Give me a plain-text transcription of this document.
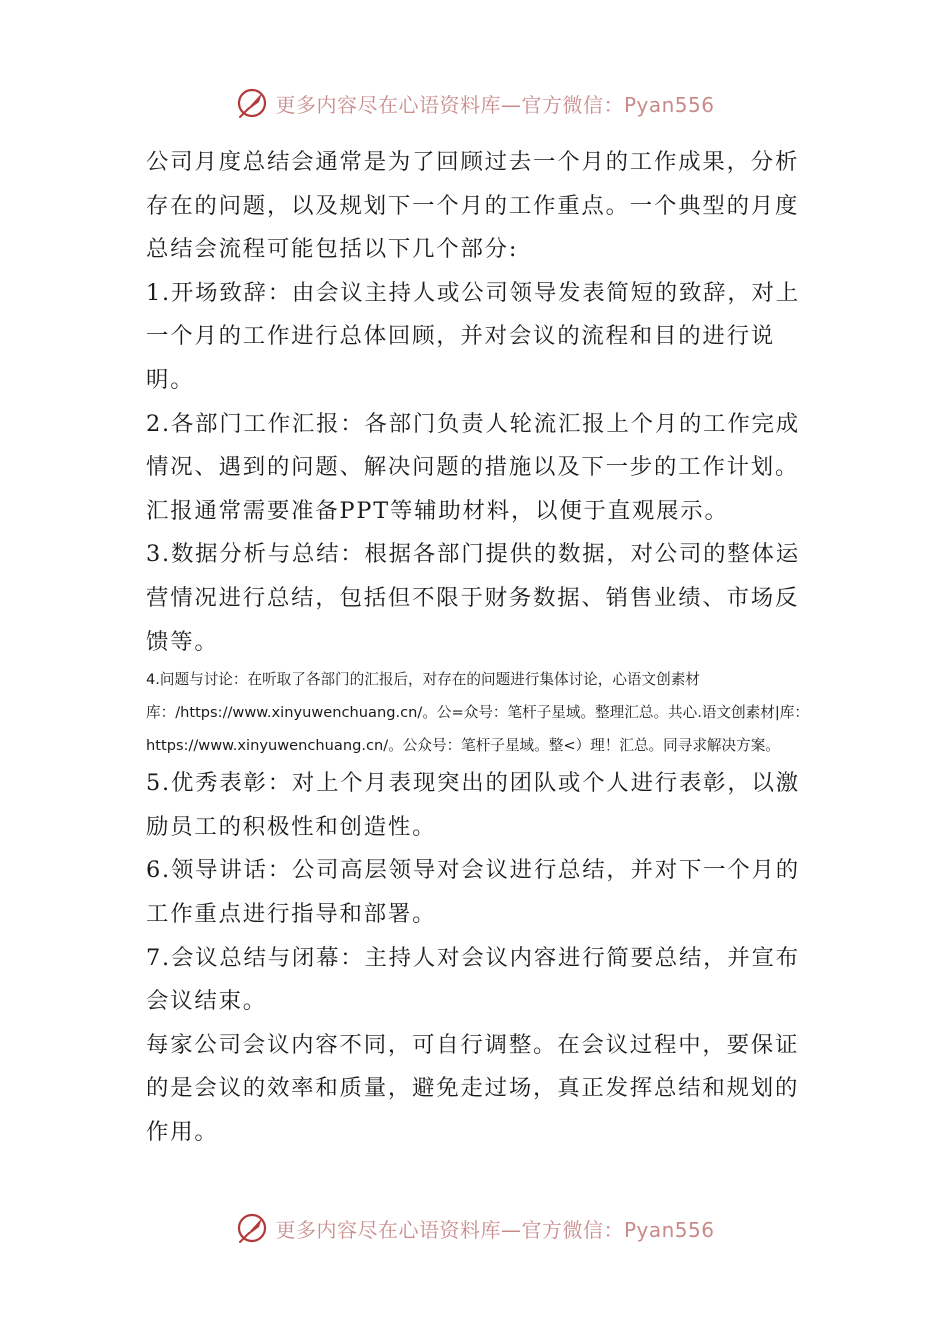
更多内容尽在心语资料库—官方微信：Pyan556

公司月度总结会通常是为了回顾过去一个月的工作成果，分析存在的问题，以及规划下一个月的工作重点。一个典型的月度总结会流程可能包括以下几个部分:

1.开场致辞：由会议主持人或公司领导发表简短的致辞，对上一个月的工作进行总体回顾，并对会议的流程和目的进行说明。

2.各部门工作汇报：各部门负责人轮流汇报上个月的工作完成情况、遇到的问题、解决问题的措施以及下一步的工作计划。汇报通常需要准备PPT等辅助材料，以便于直观展示。

3.数据分析与总结：根据各部门提供的数据，对公司的整体运营情况进行总结，包括但不限于财务数据、销售业绩、市场反馈等。

4.问题与讨论：在听取了各部门的汇报后，对存在的问题进行集体讨论，心语文创素材库：/https://www.xinyuwenchuang.cn/。公=众号：笔杆子星域。整理汇总。共心.语文创素材|库：https://www.xinyuwenchuang.cn/。公众号：笔杆子星域。整<）理！汇总。同寻求解决方案。

5.优秀表彰：对上个月表现突出的团队或个人进行表彰，以激励员工的积极性和创造性。

6.领导讲话：公司高层领导对会议进行总结，并对下一个月的工作重点进行指导和部署。

7.会议总结与闭幕：主持人对会议内容进行简要总结，并宣布会议结束。

每家公司会议内容不同，可自行调整。在会议过程中，要保证的是会议的效率和质量，避免走过场，真正发挥总结和规划的作用。

更多内容尽在心语资料库—官方微信：Pyan556
